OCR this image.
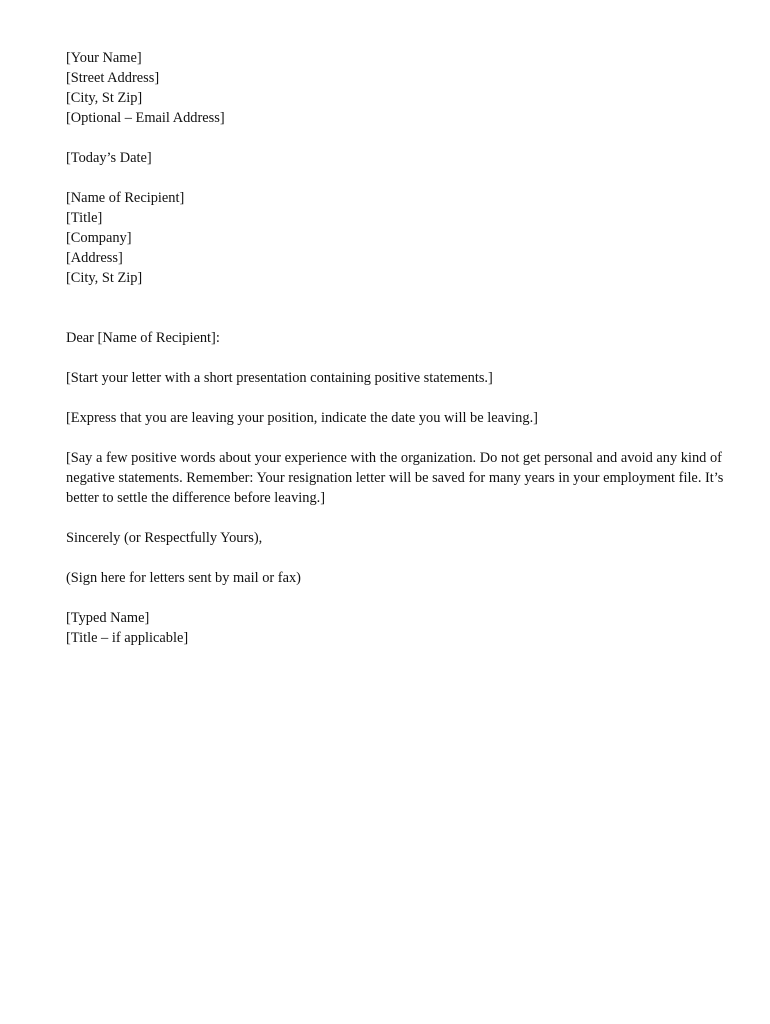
[Your Name]
[Street Address]
[City, St Zip]
[Optional – Email Address]
[Today’s Date]
[Name of Recipient]
[Title]
[Company]
[Address]
[City, St Zip]
Dear [Name of Recipient]:
[Start your letter with a short presentation containing positive statements.]
[Express that you are leaving your position, indicate the date you will be leaving.]
[Say a few positive words about your experience with the organization. Do not get personal and avoid any kind of negative statements. Remember: Your resignation letter will be saved for many years in your employment file. It’s better to settle the difference before leaving.]
Sincerely (or Respectfully Yours),
(Sign here for letters sent by mail or fax)
[Typed Name]
[Title – if applicable]
